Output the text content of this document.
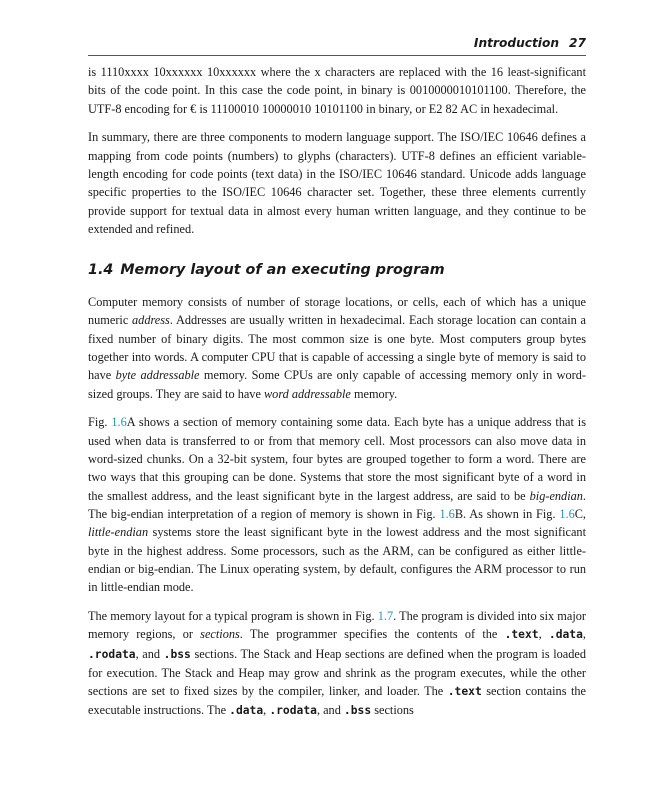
Introduction 27

is 1110xxxx 10xxxxxx 10xxxxxx where the x characters are replaced with the 16 least-significant bits of the code point. In this case the code point, in binary is 0010000010101100. Therefore, the UTF-8 encoding for € is 11100010 10000010 10101100 in binary, or E2 82 AC in hexadecimal.

In summary, there are three components to modern language support. The ISO/IEC 10646 defines a mapping from code points (numbers) to glyphs (characters). UTF-8 defines an efficient variable-length encoding for code points (text data) in the ISO/IEC 10646 standard. Unicode adds language specific properties to the ISO/IEC 10646 character set. Together, these three elements currently provide support for textual data in almost every human written language, and they continue to be extended and refined.

1.4 Memory layout of an executing program

Computer memory consists of number of storage locations, or cells, each of which has a unique numeric address. Addresses are usually written in hexadecimal. Each storage location can contain a fixed number of binary digits. The most common size is one byte. Most computers group bytes together into words. A computer CPU that is capable of accessing a single byte of memory is said to have byte addressable memory. Some CPUs are only capable of accessing memory only in word-sized groups. They are said to have word addressable memory.

Fig. 1.6A shows a section of memory containing some data. Each byte has a unique address that is used when data is transferred to or from that memory cell. Most processors can also move data in word-sized chunks. On a 32-bit system, four bytes are grouped together to form a word. There are two ways that this grouping can be done. Systems that store the most significant byte of a word in the smallest address, and the least significant byte in the largest address, are said to be big-endian. The big-endian interpretation of a region of memory is shown in Fig. 1.6B. As shown in Fig. 1.6C, little-endian systems store the least significant byte in the lowest address and the most significant byte in the highest address. Some processors, such as the ARM, can be configured as either little-endian or big-endian. The Linux operating system, by default, configures the ARM processor to run in little-endian mode.

The memory layout for a typical program is shown in Fig. 1.7. The program is divided into six major memory regions, or sections. The programmer specifies the contents of the .text, .data, .rodata, and .bss sections. The Stack and Heap sections are defined when the program is loaded for execution. The Stack and Heap may grow and shrink as the program executes, while the other sections are set to fixed sizes by the compiler, linker, and loader. The .text section contains the executable instructions. The .data, .rodata, and .bss sections
